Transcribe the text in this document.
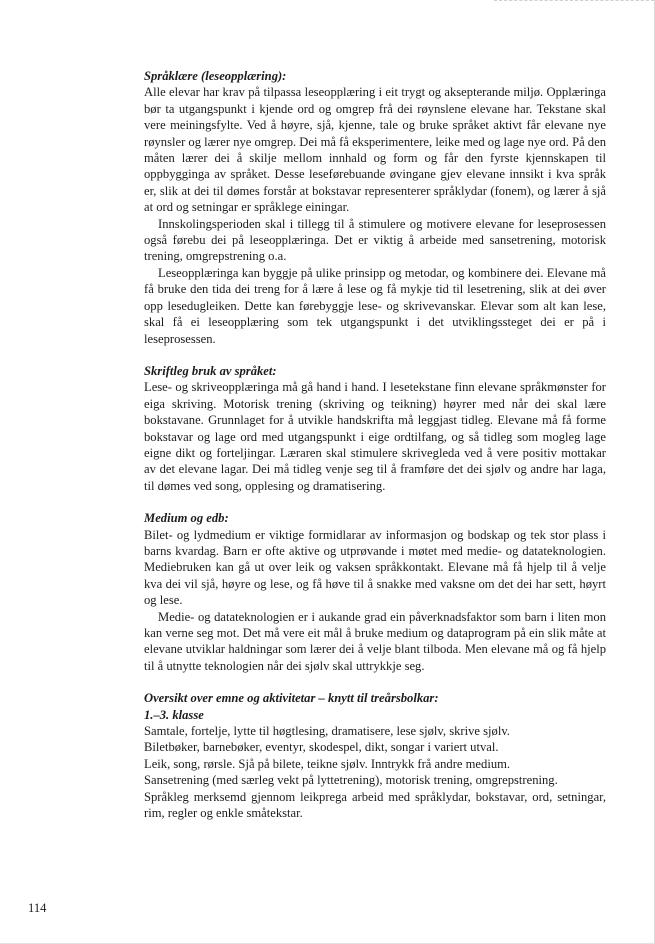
Språklære (leseopplæring):

Alle elevar har krav på tilpassa leseopplæring i eit trygt og aksepterande miljø. Opplæringa bør ta utgangspunkt i kjende ord og omgrep frå dei røynslene elevane har. Tekstane skal vere meiningsfylte. Ved å høyre, sjå, kjenne, tale og bruke språket aktivt får elevane nye røynsler og lærer nye omgrep. Dei må få eksperimentere, leike med og lage nye ord. På den måten lærer dei å skilje mellom innhald og form og får den fyrste kjennskapen til oppbygginga av språket. Desse leseførebuande øvingane gjev elevane innsikt i kva språk er, slik at dei til dømes forstår at bokstavar representerer språklydar (fonem), og lærer å sjå at ord og setningar er språklege einingar.

Innskolingsperioden skal i tillegg til å stimulere og motivere elevane for leseprosessen også førebu dei på leseopplæringa. Det er viktig å arbeide med sansetrening, motorisk trening, omgrepstrening o.a.

Leseopplæringa kan byggje på ulike prinsipp og metodar, og kombinere dei. Elevane må få bruke den tida dei treng for å lære å lese og få mykje tid til lesetrening, slik at dei øver opp lesedugleiken. Dette kan førebyggje lese- og skrivevanskar. Elevar som alt kan lese, skal få ei leseopplæring som tek utgangspunkt i det utviklingssteget dei er på i leseprosessen.

Skriftleg bruk av språket:

Lese- og skriveopplæringa må gå hand i hand. I lesetekstane finn elevane språkmønster for eiga skriving. Motorisk trening (skriving og teikning) høyrer med når dei skal lære bokstavane. Grunnlaget for å utvikle handskrifta må leggjast tidleg. Elevane må få forme bokstavar og lage ord med utgangspunkt i eige ordtilfang, og så tidleg som mogleg lage eigne dikt og forteljingar. Læraren skal stimulere skrivegleda ved å vere positiv mottakar av det elevane lagar. Dei må tidleg venje seg til å framføre det dei sjølv og andre har laga, til dømes ved song, opplesing og dramatisering.

Medium og edb:

Bilet- og lydmedium er viktige formidlarar av informasjon og bodskap og tek stor plass i barns kvardag. Barn er ofte aktive og utprøvande i møtet med medie- og datateknologien. Mediebruken kan gå ut over leik og vaksen språkkontakt. Elevane må få hjelp til å velje kva dei vil sjå, høyre og lese, og få høve til å snakke med vaksne om det dei har sett, høyrt og lese.

Medie- og datateknologien er i aukande grad ein påverknadsfaktor som barn i liten mon kan verne seg mot. Det må vere eit mål å bruke medium og dataprogram på ein slik måte at elevane utviklar haldningar som lærer dei å velje blant tilboda. Men elevane må og få hjelp til å utnytte teknologien når dei sjølv skal uttrykkje seg.

Oversikt over emne og aktivitetar – knytt til treårsbolkar:

1.–3. klasse

Samtale, fortelje, lytte til høgtlesing, dramatisere, lese sjølv, skrive sjølv.

Biletbøker, barnebøker, eventyr, skodespel, dikt, songar i variert utval.

Leik, song, rørsle. Sjå på bilete, teikne sjølv. Inntrykk frå andre medium.

Sansetrening (med særleg vekt på lyttetrening), motorisk trening, omgrepstrening.

Språkleg merksemd gjennom leikprega arbeid med språklydar, bokstavar, ord, setningar, rim, regler og enkle småtekstar.

114
